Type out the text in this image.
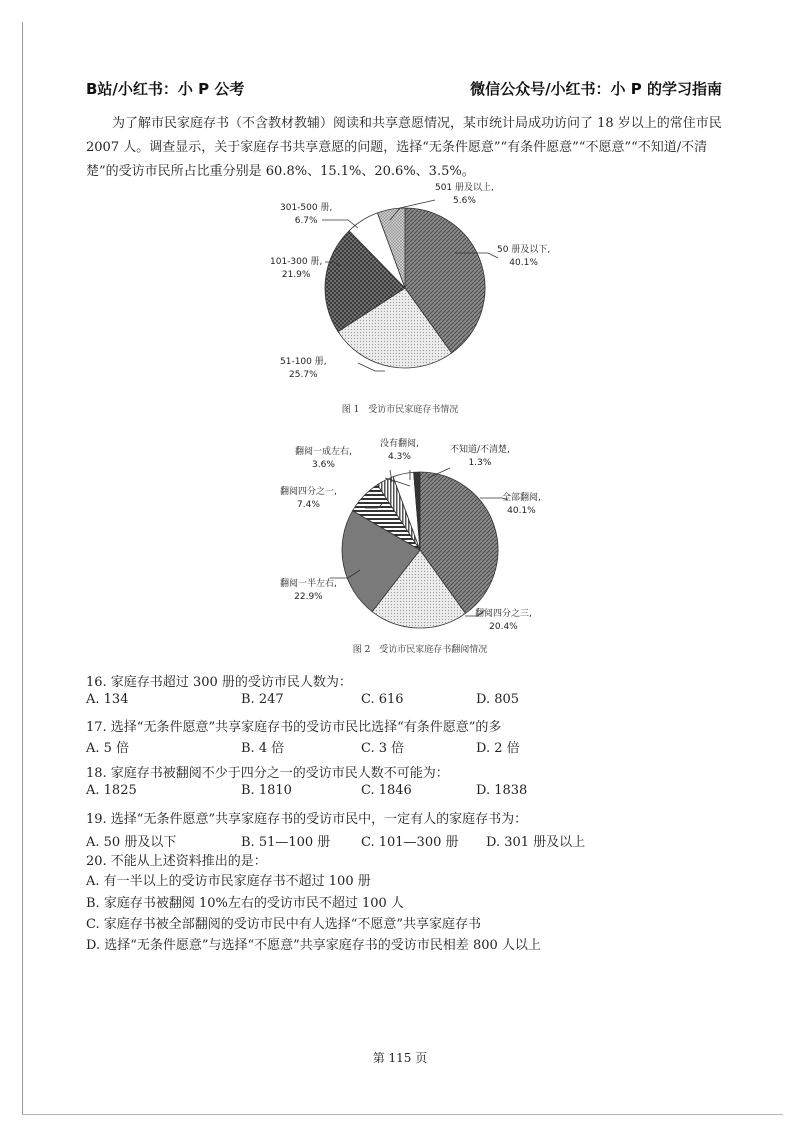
B站/小红书：小 P 公考	微信公众号/小红书：小 P 的学习指南
为了解市民家庭存书（不含教材教辅）阅读和共享意愿情况，某市统计局成功访问了 18 岁以上的常住市民 2007 人。调查显示，关于家庭存书共享意愿的问题，选择“无条件愿意”“有条件愿意”“不愿意”“不知道/不清楚”的受访市民所占比重分别是 60.8%、15.1%、20.6%、3.5%。
50 册及以下,
40.1%
51-100 册,
25.7%
101-300 册,
21.9%
301-500 册,
6.7%
501 册及以上,
5.6%
图 1　受访市民家庭存书情况
全部翻阅,
40.1%
翻阅四分之三,
20.4%
翻阅一半左右,
22.9%
翻阅四分之一,
7.4%
翻阅一成左右,
3.6%
没有翻阅,
4.3%
不知道/不清楚,
1.3%
图 2　受访市民家庭存书翻阅情况
16. 家庭存书超过 300 册的受访市民人数为：
A. 134	B. 247	C. 616	D. 805
17. 选择“无条件愿意”共享家庭存书的受访市民比选择“有条件愿意”的多
A. 5 倍	B. 4 倍	C. 3 倍	D. 2 倍
18. 家庭存书被翻阅不少于四分之一的受访市民人数不可能为：
A. 1825	B. 1810	C. 1846	D. 1838
19. 选择“无条件愿意”共享家庭存书的受访市民中，一定有人的家庭存书为：
A. 50 册及以下	B. 51—100 册 C. 101—300 册 D. 301 册及以上
20. 不能从上述资料推出的是：
A. 有一半以上的受访市民家庭存书不超过 100 册
B. 家庭存书被翻阅 10%左右的受访市民不超过 100 人
C. 家庭存书被全部翻阅的受访市民中有人选择“不愿意”共享家庭存书
D. 选择“无条件愿意”与选择“不愿意”共享家庭存书的受访市民相差 800 人以上
第 115 页
